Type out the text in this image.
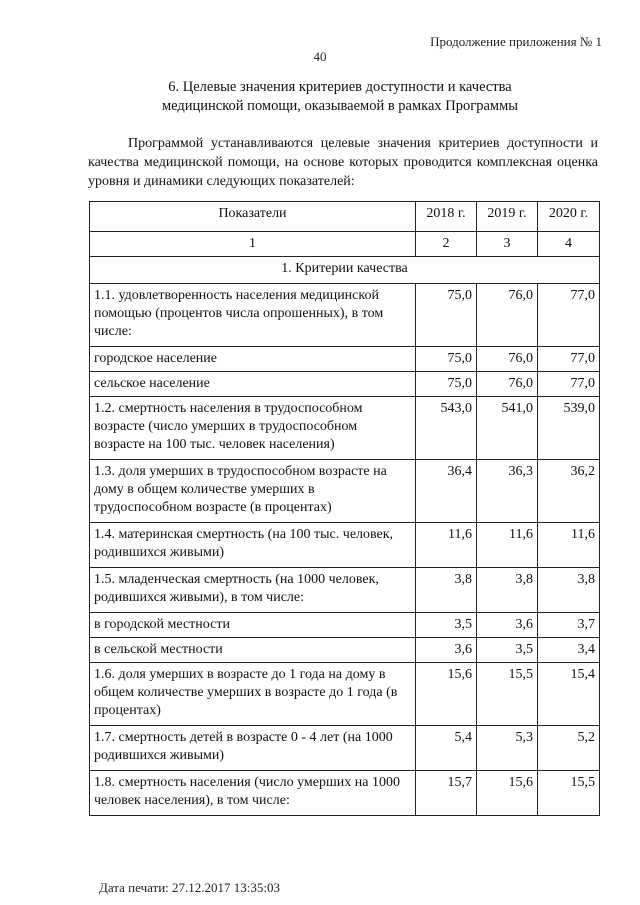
Продолжение приложения № 1
40
6. Целевые значения критериев доступности и качества
медицинской помощи, оказываемой в рамках Программы
Программой устанавливаются целевые значения критериев доступности и качества медицинской помощи, на основе которых проводится комплексная оценка уровня и динамики следующих показателей:
Показатели	2018 г.	2019 г.	2020 г.
1	2	3	4
1. Критерии качества			
1.1. удовлетворенность населения медицинской помощью (процентов числа опрошенных), в том числе:	75,0	76,0	77,0
городское население	75,0	76,0	77,0
сельское население	75,0	76,0	77,0
1.2. смертность населения в трудоспособном возрасте (число умерших в трудоспособном возрасте на 100 тыс. человек населения)	543,0	541,0	539,0
1.3. доля умерших в трудоспособном возрасте на дому в общем количестве умерших в трудоспособном возрасте (в процентах)	36,4	36,3	36,2
1.4. материнская смертность (на 100 тыс. человек, родившихся живыми)	11,6	11,6	11,6
1.5. младенческая смертность (на 1000 человек, родившихся живыми), в том числе:	3,8	3,8	3,8
в городской местности	3,5	3,6	3,7
в сельской местности	3,6	3,5	3,4
1.6. доля умерших в возрасте до 1 года на дому в общем количестве умерших в возрасте до 1 года (в процентах)	15,6	15,5	15,4
1.7. смертность детей в возрасте 0 - 4 лет (на 1000 родившихся живыми)	5,4	5,3	5,2
1.8. смертность населения (число умерших на 1000 человек населения), в том числе:	15,7	15,6	15,5
Дата печати: 27.12.2017 13:35:03
